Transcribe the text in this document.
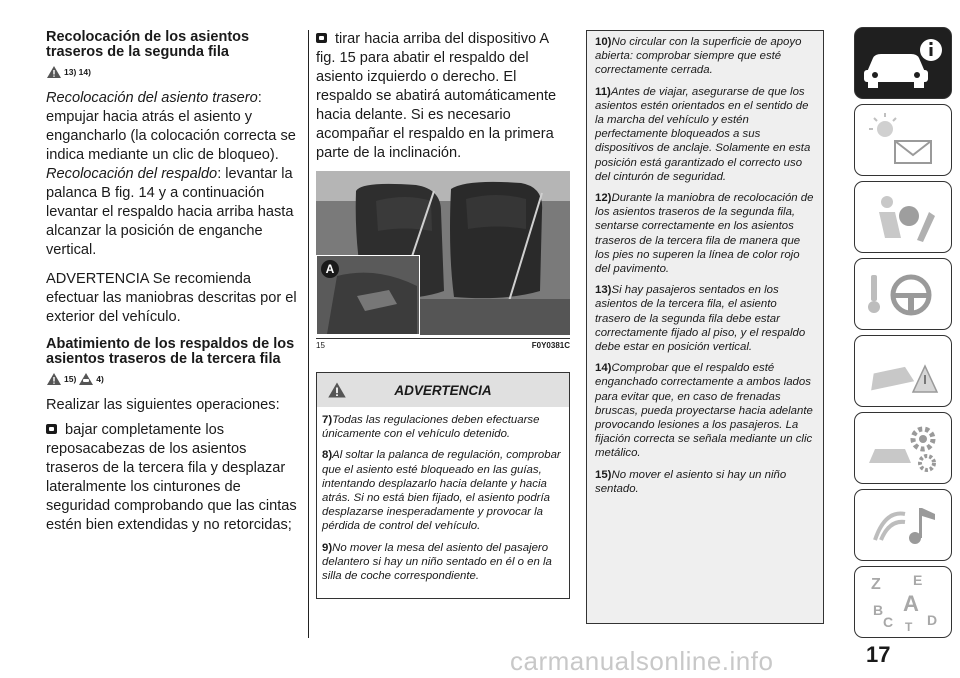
Recolocación de los asientos traseros de la segunda fila
13) 14)

Recolocación del asiento trasero: empujar hacia atrás el asiento y engancharlo (la colocación correcta se indica mediante un clic de bloqueo).

Recolocación del respaldo: levantar la palanca B fig. 14 y a continuación levantar el respaldo hacia arriba hasta alcanzar la posición de enganche vertical.

ADVERTENCIA Se recomienda efectuar las maniobras descritas por el exterior del vehículo.

Abatimiento de los respaldos de los asientos traseros de la tercera fila
15) 4)

Realizar las siguientes operaciones:

bajar completamente los reposacabezas de los asientos traseros de la tercera fila y desplazar lateralmente los cinturones de seguridad comprobando que las cintas estén bien extendidas y no retorcidas;

tirar hacia arriba del dispositivo A fig. 15 para abatir el respaldo del asiento izquierdo o derecho. El respaldo se abatirá automáticamente hacia delante. Si es necesario acompañar el respaldo en la primera parte de la inclinación.

A
15	F0Y0381C
ADVERTENCIA

7)Todas las regulaciones deben efectuarse únicamente con el vehículo detenido.

8)Al soltar la palanca de regulación, comprobar que el asiento esté bloqueado en las guías, intentando desplazarlo hacia delante y hacia atrás. Si no está bien fijado, el asiento podría desplazarse inesperadamente y provocar la pérdida de control del vehículo.

9)No mover la mesa del asiento del pasajero delantero si hay un niño sentado en él o en la silla de coche correspondiente.

10)No circular con la superficie de apoyo abierta: comprobar siempre que esté correctamente cerrada.

11)Antes de viajar, asegurarse de que los asientos estén orientados en el sentido de la marcha del vehículo y estén perfectamente bloqueados a sus dispositivos de anclaje. Solamente en esta posición está garantizado el correcto uso del cinturón de seguridad.

12)Durante la maniobra de recolocación de los asientos traseros de la segunda fila, sentarse correctamente en los asientos traseros de la tercera fila de manera que los pies no superen la línea de color rojo del pavimento.

13)Si hay pasajeros sentados en los asientos de la tercera fila, el asiento trasero de la segunda fila debe estar correctamente fijado al piso, y el respaldo debe estar en posición vertical.

14)Comprobar que el respaldo esté enganchado correctamente a ambos lados para evitar que, en caso de frenadas bruscas, pueda proyectarse hacia adelante provocando lesiones a los pasajeros. La fijación correcta se señala mediante un clic metálico.

15)No mover el asiento si hay un niño sentado.

Z E
B A
C D
T
17
carmanualsonline.info
